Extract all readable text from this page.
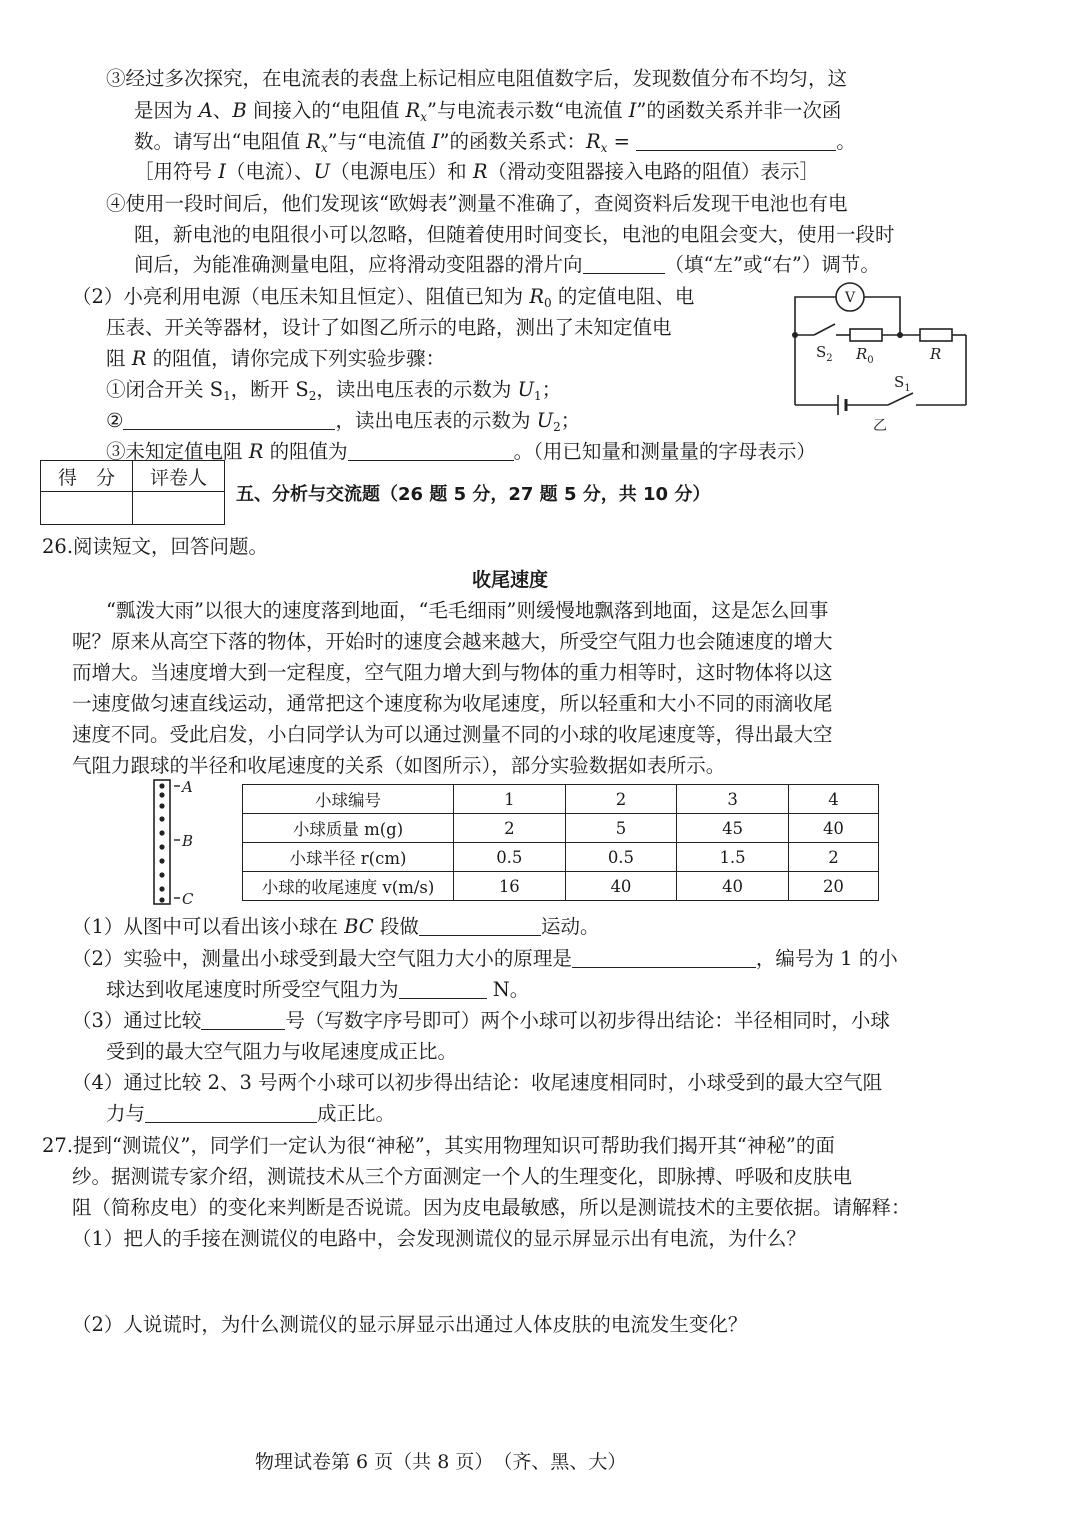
③经过多次探究，在电流表的表盘上标记相应电阻值数字后，发现数值分布不均匀，这
是因为 A、B 间接入的“电阻值 $R_x$”与电流表示数“电流值 I”的函数关系并非一次函
数。请写出“电阻值 $R_x$”与“电流值 I”的函数关系式：$R_x$ =	。
［用符号 I（电流）、U（电源电压）和 R（滑动变阻器接入电路的阻值）表示］
④使用一段时间后，他们发现该“欧姆表”测量不准确了，查阅资料后发现干电池也有电
阻，新电池的电阻很小可以忽略，但随着使用时间变长，电池的电阻会变大，使用一段时
间后，为能准确测量电阻，应将滑动变阻器的滑片向	（填“左”或“右”）调节。
（2）小亮利用电源（电压未知且恒定）、阻值已知为 $R_0$ 的定值电阻、电
压表、开关等器材，设计了如图乙所示的电路，测出了未知定值电
阻 R 的阻值，请你完成下列实验步骤：
①闭合开关 $S_1$，断开 $S_2$，读出电压表的示数为 $U_1$；
②	，读出电压表的示数为 $U_2$；
③未知定值电阻 R 的阻值为	。（用已知量和测量量的字母表示）
V
$S_2$ $R_0$	R
$S_1$
乙
得　分	评卷人

五、分析与交流题（26 题 5 分，27 题 5 分，共 10 分）
26.阅读短文，回答问题。
收尾速度
“瓢泼大雨”以很大的速度落到地面，“毛毛细雨”则缓慢地飘落到地面，这是怎么回事
呢？原来从高空下落的物体，开始时的速度会越来越大，所受空气阻力也会随速度的增大
而增大。当速度增大到一定程度，空气阻力增大到与物体的重力相等时，这时物体将以这
一速度做匀速直线运动，通常把这个速度称为收尾速度，所以轻重和大小不同的雨滴收尾
速度不同。受此启发，小白同学认为可以通过测量不同的小球的收尾速度等，得出最大空
气阻力跟球的半径和收尾速度的关系（如图所示），部分实验数据如表所示。
A
B
C
小球编号	1	2	3	4
小球质量 m(g)	2	5	45	40
小球半径 r(cm)	0.5	0.5	1.5	2
小球的收尾速度 v(m/s)	16	40	40	20
（1）从图中可以看出该小球在 BC 段做	运动。
（2）实验中，测量出小球受到最大空气阻力大小的原理是	，编号为 1 的小
球达到收尾速度时所受空气阻力为	N。
（3）通过比较	号（写数字序号即可）两个小球可以初步得出结论：半径相同时，小球
受到的最大空气阻力与收尾速度成正比。
（4）通过比较 2、3 号两个小球可以初步得出结论：收尾速度相同时，小球受到的最大空气阻
力与	成正比。
27.提到“测谎仪”，同学们一定认为很“神秘”，其实用物理知识可帮助我们揭开其“神秘”的面
纱。据测谎专家介绍，测谎技术从三个方面测定一个人的生理变化，即脉搏、呼吸和皮肤电
阻（简称皮电）的变化来判断是否说谎。因为皮电最敏感，所以是测谎技术的主要依据。请解释：
（1）把人的手接在测谎仪的电路中，会发现测谎仪的显示屏显示出有电流，为什么？
（2）人说谎时，为什么测谎仪的显示屏显示出通过人体皮肤的电流发生变化？
物理试卷第 6 页（共 8 页）　（齐、黑、大）
